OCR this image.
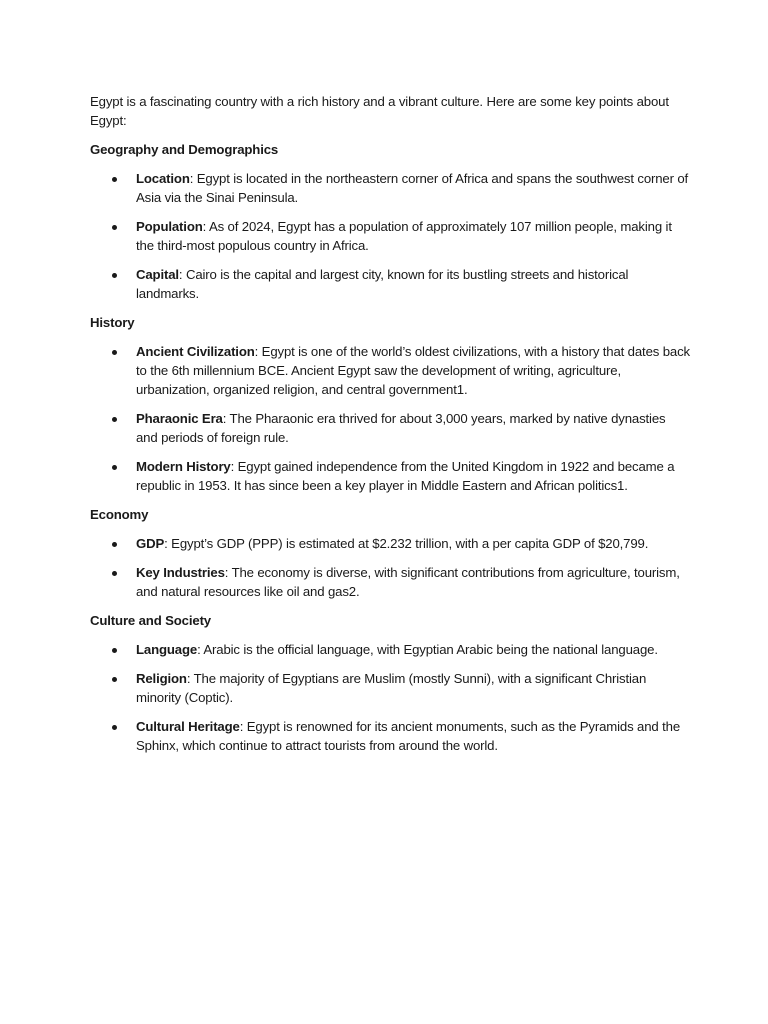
Egypt is a fascinating country with a rich history and a vibrant culture. Here are some key points about Egypt:

Geography and Demographics

Location: Egypt is located in the northeastern corner of Africa and spans the southwest corner of Asia via the Sinai Peninsula.
Population: As of 2024, Egypt has a population of approximately 107 million people, making it the third-most populous country in Africa.
Capital: Cairo is the capital and largest city, known for its bustling streets and historical landmarks.

History

Ancient Civilization: Egypt is one of the world’s oldest civilizations, with a history that dates back to the 6th millennium BCE. Ancient Egypt saw the development of writing, agriculture, urbanization, organized religion, and central government1.
Pharaonic Era: The Pharaonic era thrived for about 3,000 years, marked by native dynasties and periods of foreign rule.
Modern History: Egypt gained independence from the United Kingdom in 1922 and became a republic in 1953. It has since been a key player in Middle Eastern and African politics1.

Economy

GDP: Egypt’s GDP (PPP) is estimated at $2.232 trillion, with a per capita GDP of $20,799.
Key Industries: The economy is diverse, with significant contributions from agriculture, tourism, and natural resources like oil and gas2.

Culture and Society

Language: Arabic is the official language, with Egyptian Arabic being the national language.
Religion: The majority of Egyptians are Muslim (mostly Sunni), with a significant Christian minority (Coptic).
Cultural Heritage: Egypt is renowned for its ancient monuments, such as the Pyramids and the Sphinx, which continue to attract tourists from around the world.
